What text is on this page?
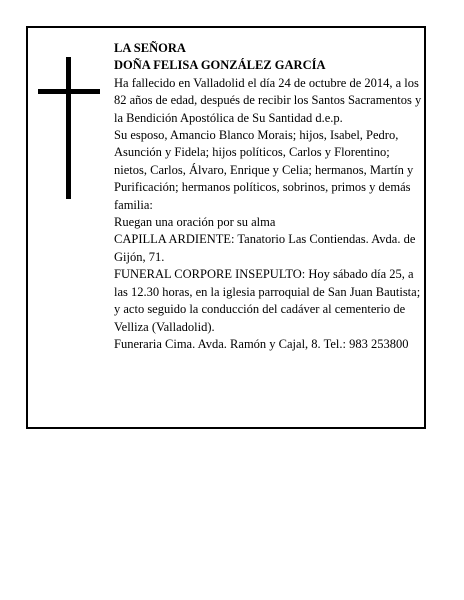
LA SEÑORA

DOÑA FELISA GONZÁLEZ GARCÍA

Ha fallecido en Valladolid el día 24 de octubre de 2014, a los 82 años de edad, después de recibir los Santos Sacramentos y la Bendición Apostólica de Su Santidad d.e.p.

Su esposo, Amancio Blanco Morais; hijos, Isabel, Pedro, Asunción y Fidela; hijos políticos, Carlos y Florentino; nietos, Carlos, Álvaro, Enrique y Celia; hermanos, Martín y Purificación; hermanos políticos, sobrinos, primos y demás familia:

Ruegan una oración por su alma

CAPILLA ARDIENTE: Tanatorio Las Contiendas. Avda. de Gijón, 71.

FUNERAL CORPORE INSEPULTO: Hoy sábado día 25, a las 12.30 horas, en la iglesia parroquial de San Juan Bautista; y acto seguido la conducción del cadáver al cementerio de Velliza (Valladolid).

Funeraria Cima. Avda. Ramón y Cajal, 8. Tel.: 983 253800
